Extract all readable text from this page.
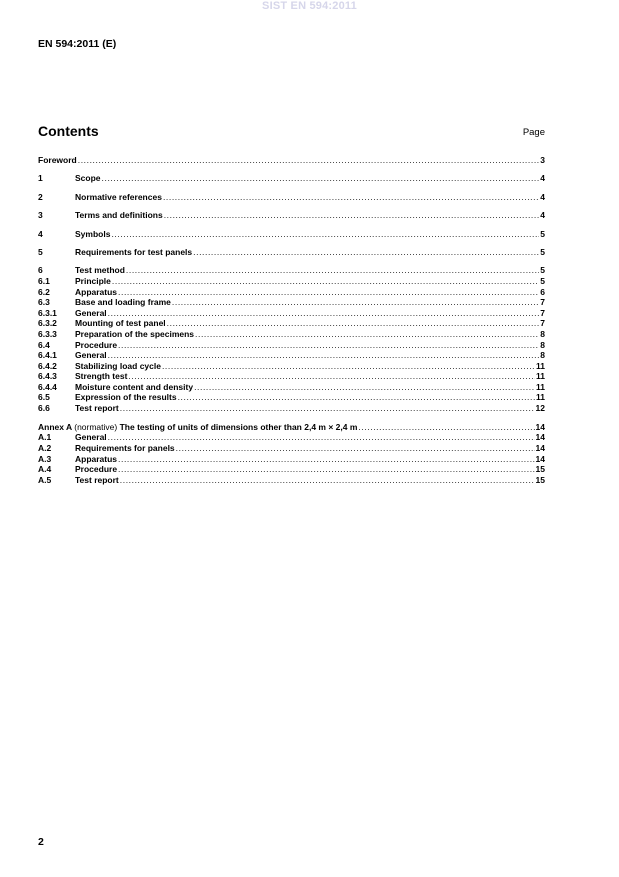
SIST EN 594:2011
EN 594:2011 (E)
Contents	Page
Foreword .....	3
1	Scope .....	4
2	Normative references .....	4
3	Terms and definitions .....	4
4	Symbols .....	5
5	Requirements for test panels .....	5
6	Test method .....	5
6.1	Principle .....	5
6.2	Apparatus .....	6
6.3	Base and loading frame .....	7
6.3.1	General .....	7
6.3.2	Mounting of test panel .....	7
6.3.3	Preparation of the specimens .....	8
6.4	Procedure .....	8
6.4.1	General .....	8
6.4.2	Stabilizing load cycle .....	11
6.4.3	Strength test .....	11
6.4.4	Moisture content and density .....	11
6.5	Expression of the results .....	11
6.6	Test report .....	12
Annex A (normative) The testing of units of dimensions other than 2,4 m × 2,4 m .....	14
A.1	General .....	14
A.2	Requirements for panels .....	14
A.3	Apparatus .....	14
A.4	Procedure .....	15
A.5	Test report .....	15
2
